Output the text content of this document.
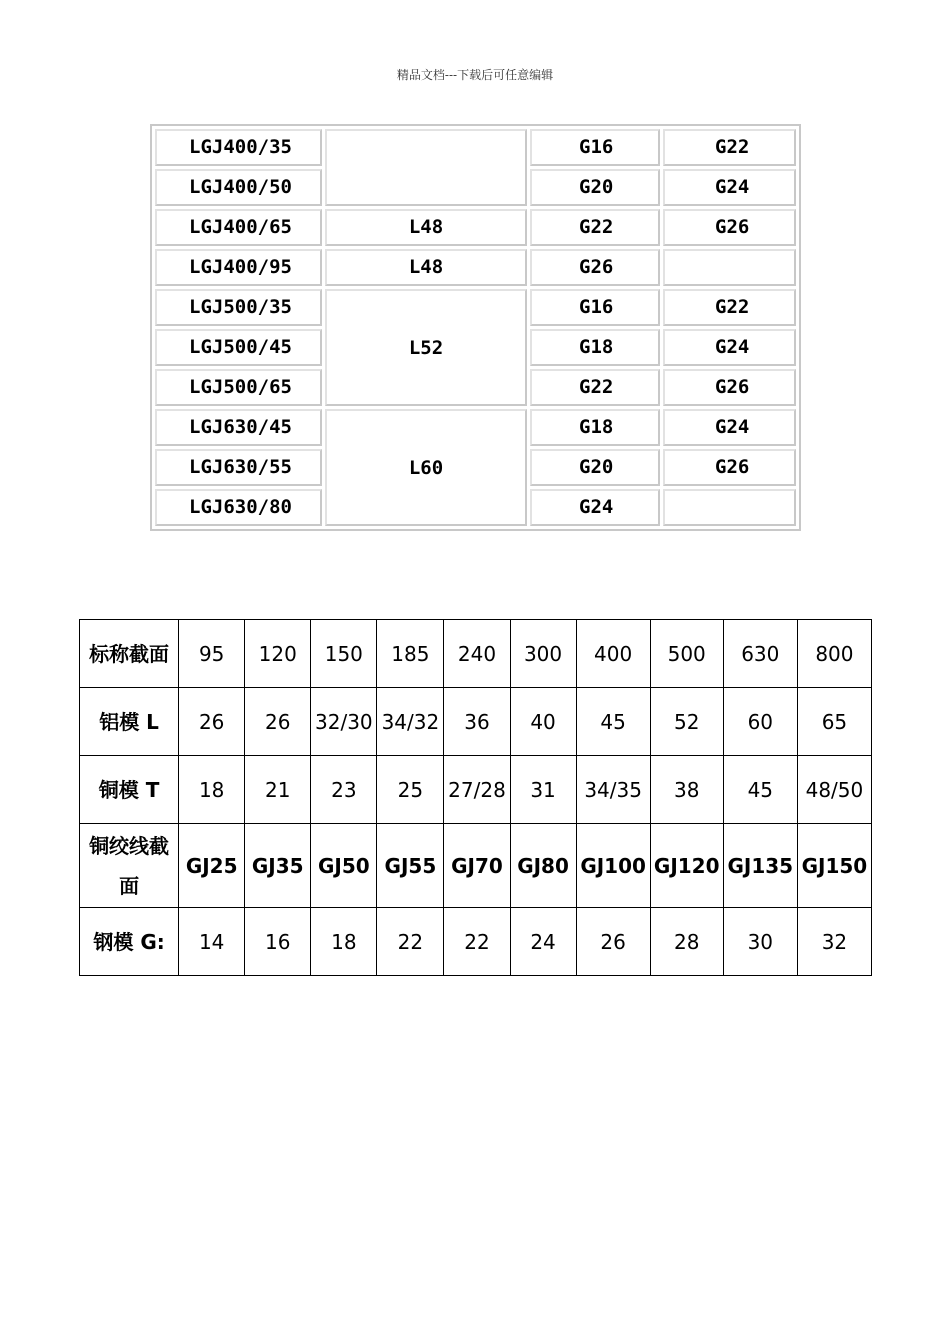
精品文档---下载后可任意编辑
LGJ400/35		G16	G22
LGJ400/50		G20	G24
LGJ400/65	L48	G22	G26
LGJ400/95	L48	G26	
LGJ500/35	L52	G16	G22
LGJ500/45		G18	G24
LGJ500/65		G22	G26
LGJ630/45	L60	G18	G24
LGJ630/55		G20	G26
LGJ630/80		G24	
标称截面	95	120	150	185	240	300	400	500	630	800
铝模 L	26	26	32/30	34/32	36	40	45	52	60	65
铜模 T	18	21	23	25	27/28	31	34/35	38	45	48/50
铜绞线截面	GJ25	GJ35	GJ50	GJ55	GJ70	GJ80	GJ100	GJ120	GJ135	GJ150
钢模 G:	14	16	18	22	22	24	26	28	30	32
